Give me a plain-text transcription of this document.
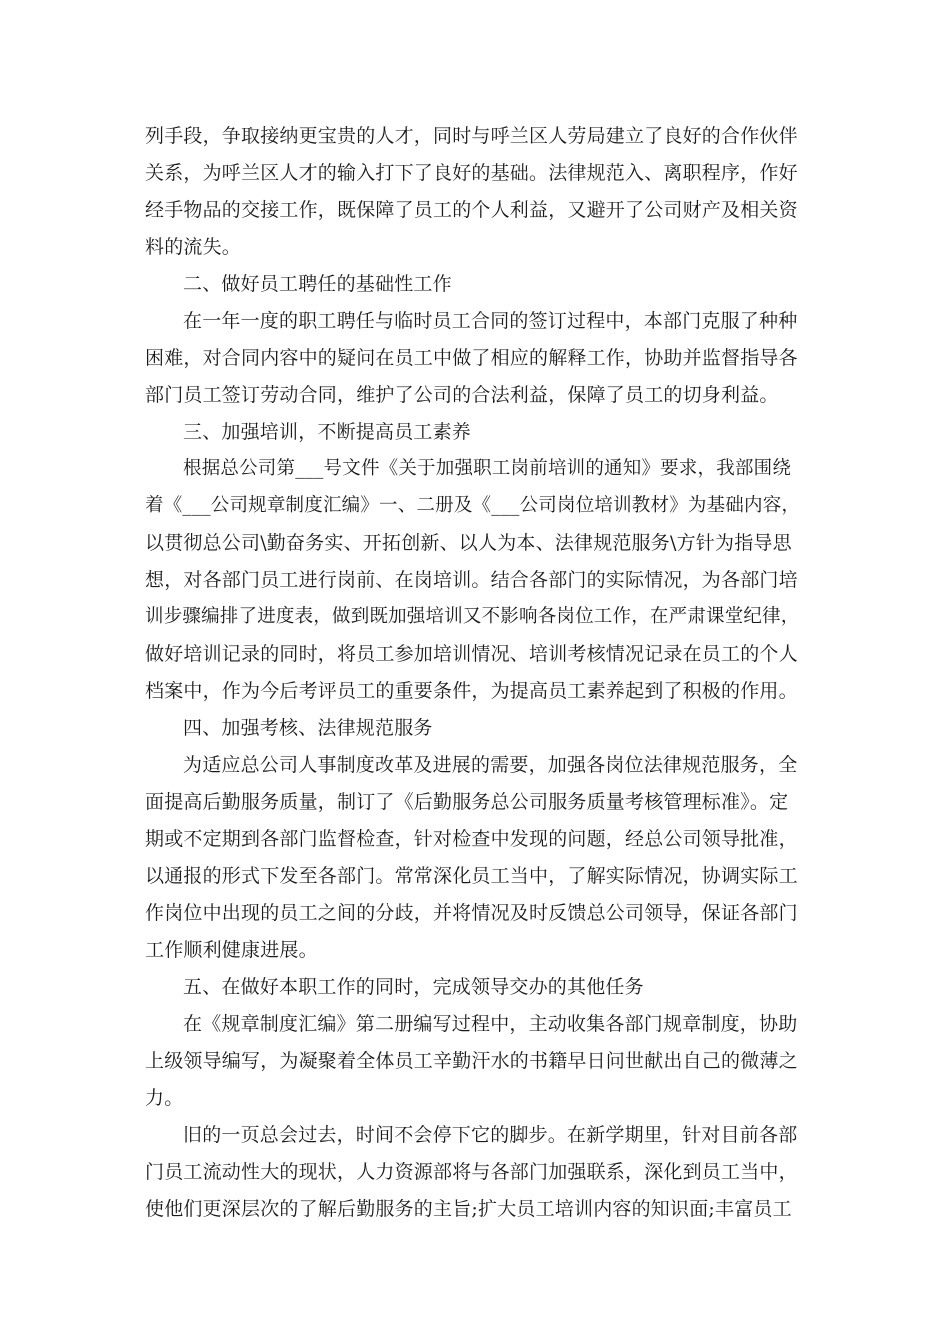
列手段，争取接纳更宝贵的人才，同时与呼兰区人劳局建立了良好的合作伙伴
关系，为呼兰区人才的输入打下了良好的基础。法律规范入、离职程序，作好
经手物品的交接工作，既保障了员工的个人利益，又避开了公司财产及相关资
料的流失。
二、做好员工聘任的基础性工作
在一年一度的职工聘任与临时员工合同的签订过程中，本部门克服了种种
困难，对合同内容中的疑问在员工中做了相应的解释工作，协助并监督指导各
部门员工签订劳动合同，维护了公司的合法利益，保障了员工的切身利益。
三、加强培训，不断提高员工素养
根据总公司第___号文件《关于加强职工岗前培训的通知》要求，我部围绕
着《___公司规章制度汇编》一、二册及《___公司岗位培训教材》为基础内容，
以贯彻总公司\勤奋务实、开拓创新、以人为本、法律规范服务\方针为指导思
想，对各部门员工进行岗前、在岗培训。结合各部门的实际情况，为各部门培
训步骤编排了进度表，做到既加强培训又不影响各岗位工作，在严肃课堂纪律，
做好培训记录的同时，将员工参加培训情况、培训考核情况记录在员工的个人
档案中，作为今后考评员工的重要条件，为提高员工素养起到了积极的作用。
四、加强考核、法律规范服务
为适应总公司人事制度改革及进展的需要，加强各岗位法律规范服务，全
面提高后勤服务质量，制订了《后勤服务总公司服务质量考核管理标准》。定
期或不定期到各部门监督检查，针对检查中发现的问题，经总公司领导批准，
以通报的形式下发至各部门。常常深化员工当中，了解实际情况，协调实际工
作岗位中出现的员工之间的分歧，并将情况及时反馈总公司领导，保证各部门
工作顺利健康进展。
五、在做好本职工作的同时，完成领导交办的其他任务
在《规章制度汇编》第二册编写过程中，主动收集各部门规章制度，协助
上级领导编写，为凝聚着全体员工辛勤汗水的书籍早日问世献出自己的微薄之
力。
旧的一页总会过去，时间不会停下它的脚步。在新学期里，针对目前各部
门员工流动性大的现状，人力资源部将与各部门加强联系，深化到员工当中，
使他们更深层次的了解后勤服务的主旨;扩大员工培训内容的知识面;丰富员工
